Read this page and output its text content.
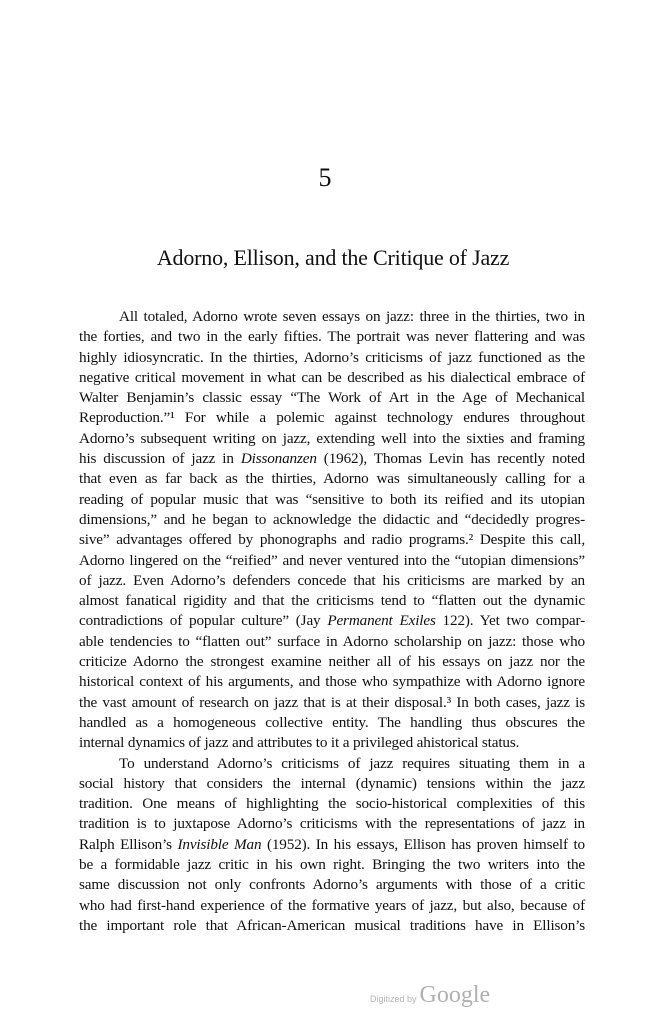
5
Adorno, Ellison, and the Critique of Jazz
All totaled, Adorno wrote seven essays on jazz: three in the thirties, two in
the forties, and two in the early fifties. The portrait was never flattering and was
highly idiosyncratic. In the thirties, Adorno’s criticisms of jazz functioned as the
negative critical movement in what can be described as his dialectical embrace of
Walter Benjamin’s classic essay “The Work of Art in the Age of Mechanical
Reproduction.”¹ For while a polemic against technology endures throughout
Adorno’s subsequent writing on jazz, extending well into the sixties and framing
his discussion of jazz in Dissonanzen (1962), Thomas Levin has recently noted
that even as far back as the thirties, Adorno was simultaneously calling for a
reading of popular music that was “sensitive to both its reified and its utopian
dimensions,” and he began to acknowledge the didactic and “decidedly progres-
sive” advantages offered by phonographs and radio programs.² Despite this call,
Adorno lingered on the “reified” and never ventured into the “utopian dimensions”
of jazz. Even Adorno’s defenders concede that his criticisms are marked by an
almost fanatical rigidity and that the criticisms tend to “flatten out the dynamic
contradictions of popular culture” (Jay Permanent Exiles 122). Yet two compar-
able tendencies to “flatten out” surface in Adorno scholarship on jazz: those who
criticize Adorno the strongest examine neither all of his essays on jazz nor the
historical context of his arguments, and those who sympathize with Adorno ignore
the vast amount of research on jazz that is at their disposal.³ In both cases, jazz is
handled as a homogeneous collective entity. The handling thus obscures the
internal dynamics of jazz and attributes to it a privileged ahistorical status.
To understand Adorno’s criticisms of jazz requires situating them in a
social history that considers the internal (dynamic) tensions within the jazz
tradition. One means of highlighting the socio-historical complexities of this
tradition is to juxtapose Adorno’s criticisms with the representations of jazz in
Ralph Ellison’s Invisible Man (1952). In his essays, Ellison has proven himself to
be a formidable jazz critic in his own right. Bringing the two writers into the
same discussion not only confronts Adorno’s arguments with those of a critic
who had first-hand experience of the formative years of jazz, but also, because of
the important role that African-American musical traditions have in Ellison’s
Digitized by Google
